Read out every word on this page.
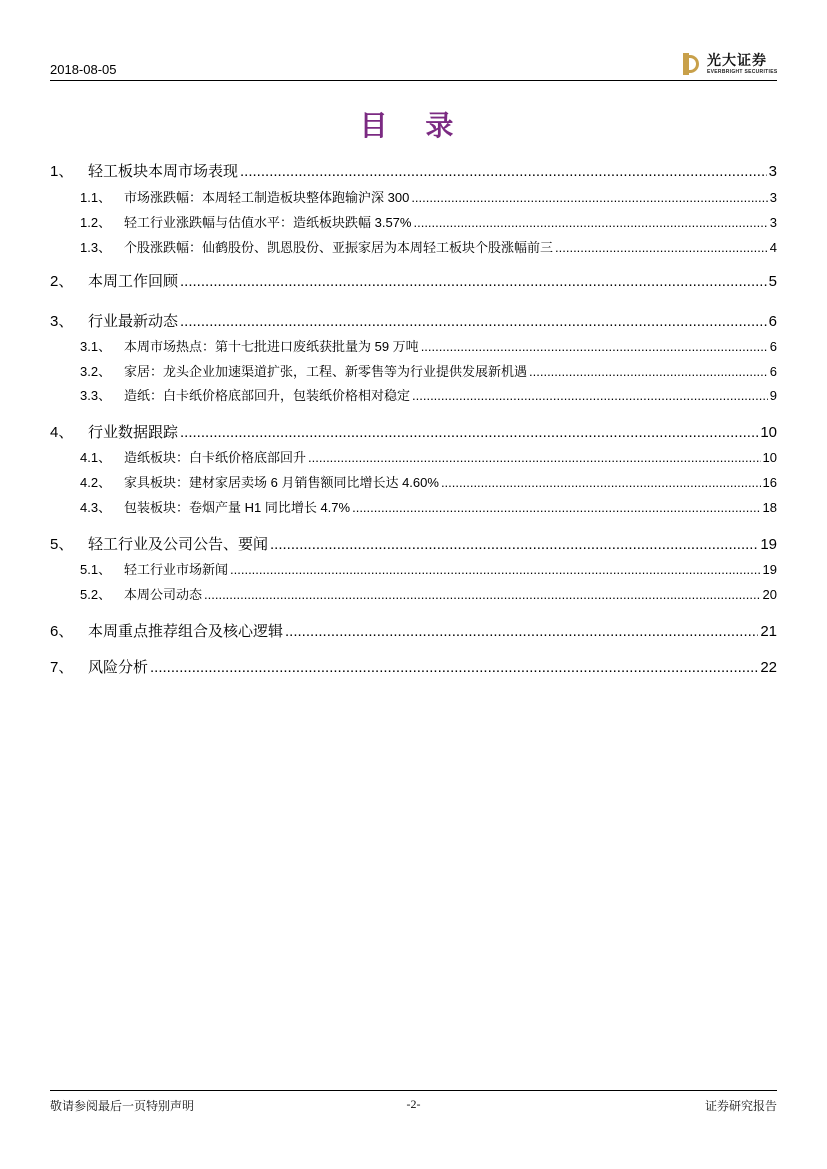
2018-08-05
光大证券
EVERBRIGHT SECURITIES
目 录
1、 轻工板块本周市场表现 .....	3
1.1、 市场涨跌幅：本周轻工制造板块整体跑输沪深 300 .....	3
1.2、 轻工行业涨跌幅与估值水平：造纸板块跌幅 3.57% .....	3
1.3、 个股涨跌幅：仙鹤股份、凯恩股份、亚振家居为本周轻工板块个股涨幅前三 .....	4
2、 本周工作回顾 .....	5
3、 行业最新动态 .....	6
3.1、 本周市场热点：第十七批进口废纸获批量为 59 万吨 .....	6
3.2、 家居：龙头企业加速渠道扩张，工程、新零售等为行业提供发展新机遇 .....	6
3.3、 造纸：白卡纸价格底部回升，包装纸价格相对稳定 .....	9
4、 行业数据跟踪 .....	10
4.1、 造纸板块：白卡纸价格底部回升 .....	10
4.2、 家具板块：建材家居卖场 6 月销售额同比增长达 4.60% .....	16
4.3、 包装板块：卷烟产量 H1 同比增长 4.7% .....	18
5、 轻工行业及公司公告、要闻 .....	19
5.1、 轻工行业市场新闻 .....	19
5.2、 本周公司动态 .....	20
6、 本周重点推荐组合及核心逻辑 .....	21
7、 风险分析 .....	22
敬请参阅最后一页特别声明	-2-	证券研究报告
